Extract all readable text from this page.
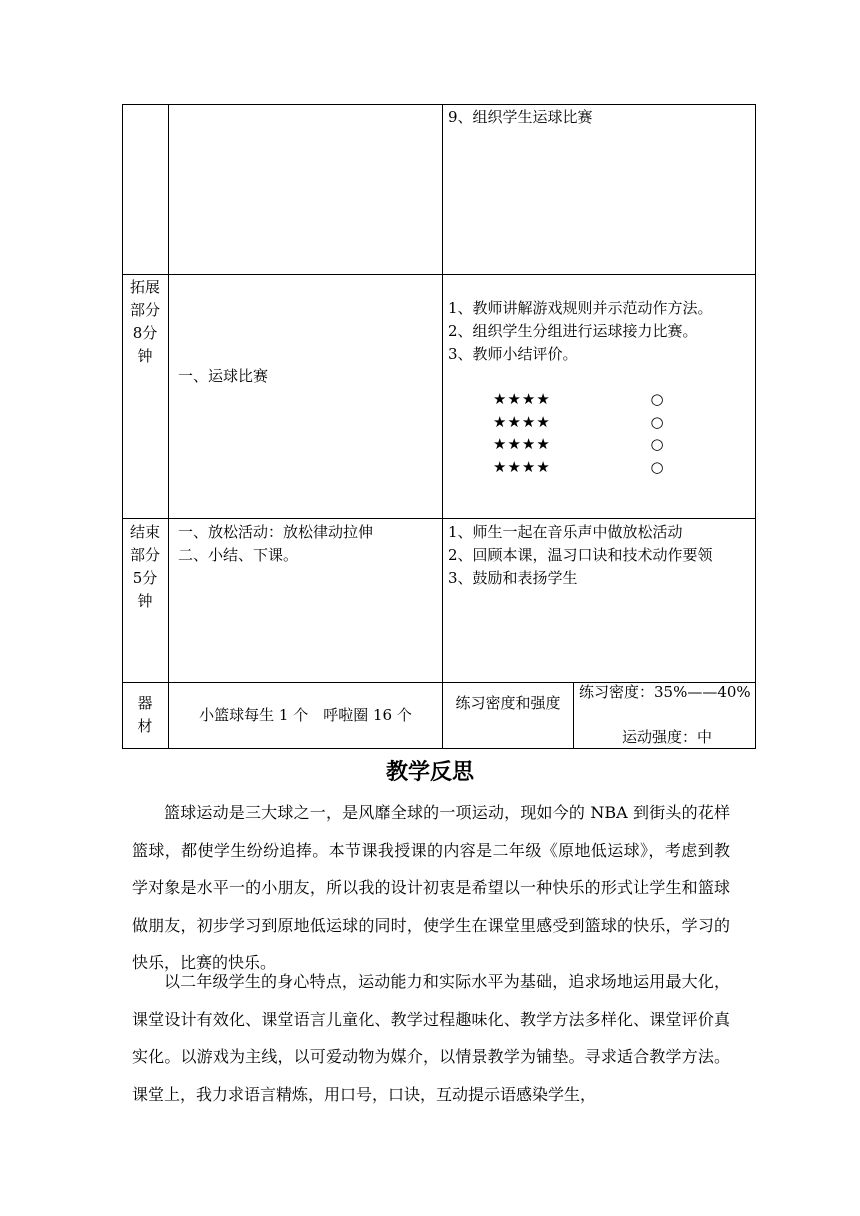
9、组织学生运球比赛
拓展部分8分钟
一、运球比赛
1、教师讲解游戏规则并示范动作方法。
2、组织学生分组进行运球接力比赛。
3、教师小结评价。
★★★★
★★★★
★★★★
★★★★
○
○
○
○
结束部分5分钟
一、放松活动：放松律动拉伸
二、小结、下课。
1、师生一起在音乐声中做放松活动
2、回顾本课，温习口诀和技术动作要领
3、鼓励和表扬学生
器材
小篮球每生 1 个　呼啦圈 16 个
练习密度和强度
练习密度：35%——40%
运动强度：中
教学反思

篮球运动是三大球之一，是风靡全球的一项运动，现如今的 NBA 到街头的花样篮球，都使学生纷纷追捧。本节课我授课的内容是二年级《原地低运球》，考虑到教学对象是水平一的小朋友，所以我的设计初衷是希望以一种快乐的形式让学生和篮球做朋友，初步学习到原地低运球的同时，使学生在课堂里感受到篮球的快乐，学习的快乐，比赛的快乐。

以二年级学生的身心特点，运动能力和实际水平为基础，追求场地运用最大化，课堂设计有效化、课堂语言儿童化、教学过程趣味化、教学方法多样化、课堂评价真实化。以游戏为主线，以可爱动物为媒介，以情景教学为铺垫。寻求适合教学方法。课堂上，我力求语言精炼，用口号，口诀，互动提示语感染学生，
